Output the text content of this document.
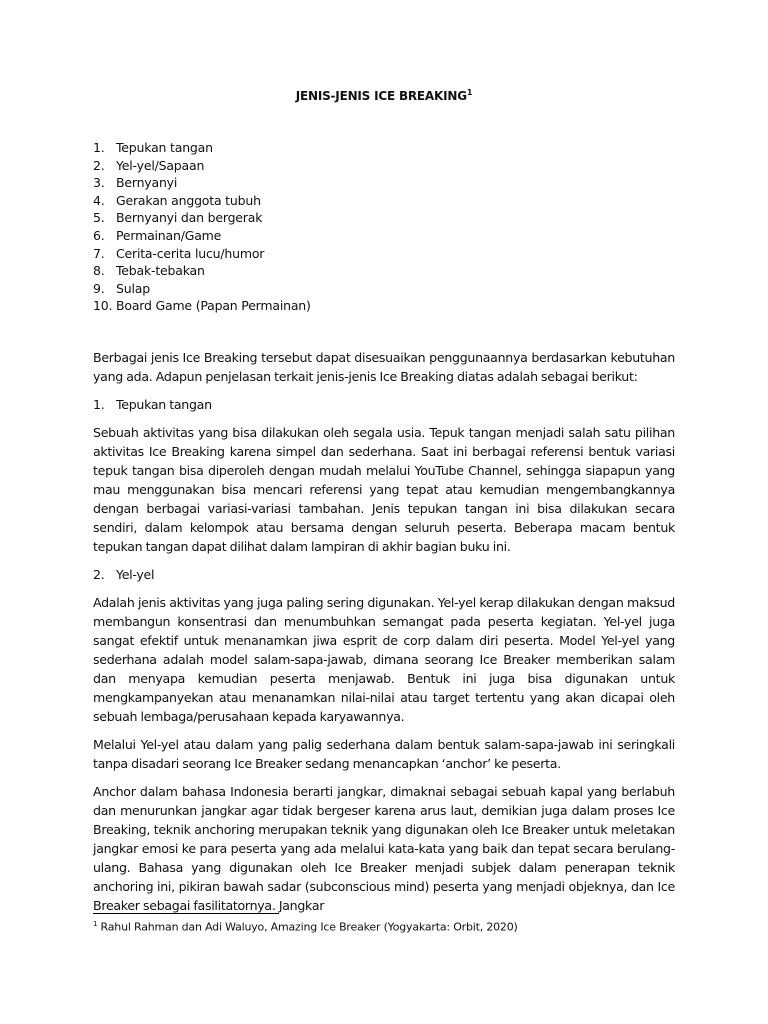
JENIS-JENIS ICE BREAKING$^1$
1. Tepukan tangan
2. Yel-yel/Sapaan
3. Bernyanyi
4. Gerakan anggota tubuh
5. Bernyanyi dan bergerak
6. Permainan/Game
7. Cerita-cerita lucu/humor
8. Tebak-tebakan
9. Sulap
10. Board Game (Papan Permainan)

Berbagai jenis Ice Breaking tersebut dapat disesuaikan penggunaannya berdasarkan kebutuhan yang ada. Adapun penjelasan terkait jenis-jenis Ice Breaking diatas adalah sebagai berikut:

1. Tepukan tangan

Sebuah aktivitas yang bisa dilakukan oleh segala usia. Tepuk tangan menjadi salah satu pilihan aktivitas Ice Breaking karena simpel dan sederhana. Saat ini berbagai referensi bentuk variasi tepuk tangan bisa diperoleh dengan mudah melalui YouTube Channel, sehingga siapapun yang mau menggunakan bisa mencari referensi yang tepat atau kemudian mengembangkannya dengan berbagai variasi-variasi tambahan. Jenis tepukan tangan ini bisa dilakukan secara sendiri, dalam kelompok atau bersama dengan seluruh peserta. Beberapa macam bentuk tepukan tangan dapat dilihat dalam lampiran di akhir bagian buku ini.

2. Yel-yel

Adalah jenis aktivitas yang juga paling sering digunakan. Yel-yel kerap dilakukan dengan maksud membangun konsentrasi dan menumbuhkan semangat pada peserta kegiatan. Yel-yel juga sangat efektif untuk menanamkan jiwa esprit de corp dalam diri peserta. Model Yel-yel yang sederhana adalah model salam-sapa-jawab, dimana seorang Ice Breaker memberikan salam dan menyapa kemudian peserta menjawab. Bentuk ini juga bisa digunakan untuk mengkampanyekan atau menanamkan nilai-nilai atau target tertentu yang akan dicapai oleh sebuah lembaga/perusahaan kepada karyawannya.

Melalui Yel-yel atau dalam yang palig sederhana dalam bentuk salam-sapa-jawab ini seringkali tanpa disadari seorang Ice Breaker sedang menancapkan ‘anchor’ ke peserta.

Anchor dalam bahasa Indonesia berarti jangkar, dimaknai sebagai sebuah kapal yang berlabuh dan menurunkan jangkar agar tidak bergeser karena arus laut, demikian juga dalam proses Ice Breaking, teknik anchoring merupakan teknik yang digunakan oleh Ice Breaker untuk meletakan jangkar emosi ke para peserta yang ada melalui kata-kata yang baik dan tepat secara berulang-ulang. Bahasa yang digunakan oleh Ice Breaker menjadi subjek dalam penerapan teknik anchoring ini, pikiran bawah sadar (subconscious mind) peserta yang menjadi objeknya, dan Ice Breaker sebagai fasilitatornya. Jangkar

$^1$ Rahul Rahman dan Adi Waluyo, Amazing Ice Breaker (Yogyakarta: Orbit, 2020)
